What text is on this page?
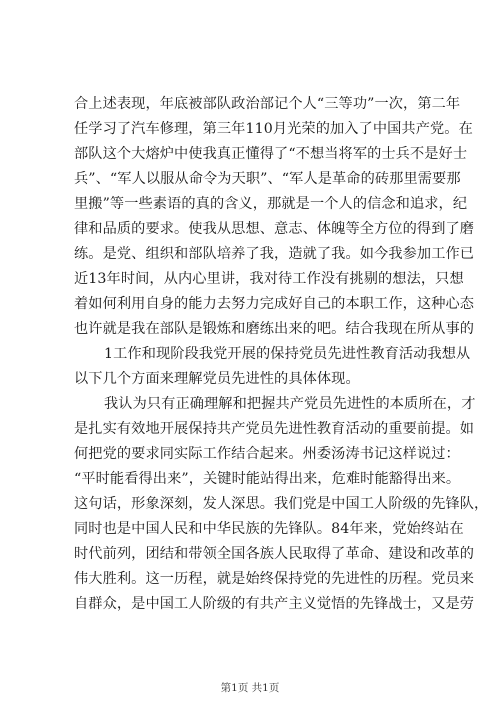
合上述表现，年底被部队政治部记个人“三等功”一次，第二年
任学习了汽车修理，第三年110月光荣的加入了中国共产党。在
部队这个大熔炉中使我真正懂得了“不想当将军的士兵不是好士
兵”、“军人以服从命令为天职”、“军人是革命的砖那里需要那
里搬”等一些素语的真的含义，那就是一个人的信念和追求，纪
律和品质的要求。使我从思想、意志、体魄等全方位的得到了磨
练。是党、组织和部队培养了我，造就了我。如今我参加工作已
近13年时间，从内心里讲，我对待工作没有挑剔的想法，只想
着如何利用自身的能力去努力完成好自己的本职工作，这种心态
也许就是我在部队是锻炼和磨练出来的吧。结合我现在所从事的
1工作和现阶段我党开展的保持党员先进性教育活动我想从
以下几个方面来理解党员先进性的具体体现。
我认为只有正确理解和把握共产党员先进性的本质所在，才
是扎实有效地开展保持共产党员先进性教育活动的重要前提。如
何把党的要求同实际工作结合起来。州委汤涛书记这样说过：
“平时能看得出来”，关键时能站得出来，危难时能豁得出来。
这句话，形象深刻，发人深思。我们党是中国工人阶级的先锋队，
同时也是中国人民和中华民族的先锋队。84年来，党始终站在
时代前列，团结和带领全国各族人民取得了革命、建设和改革的
伟大胜利。这一历程，就是始终保持党的先进性的历程。党员来
自群众，是中国工人阶级的有共产主义觉悟的先锋战士，又是劳
第1页 共1页
